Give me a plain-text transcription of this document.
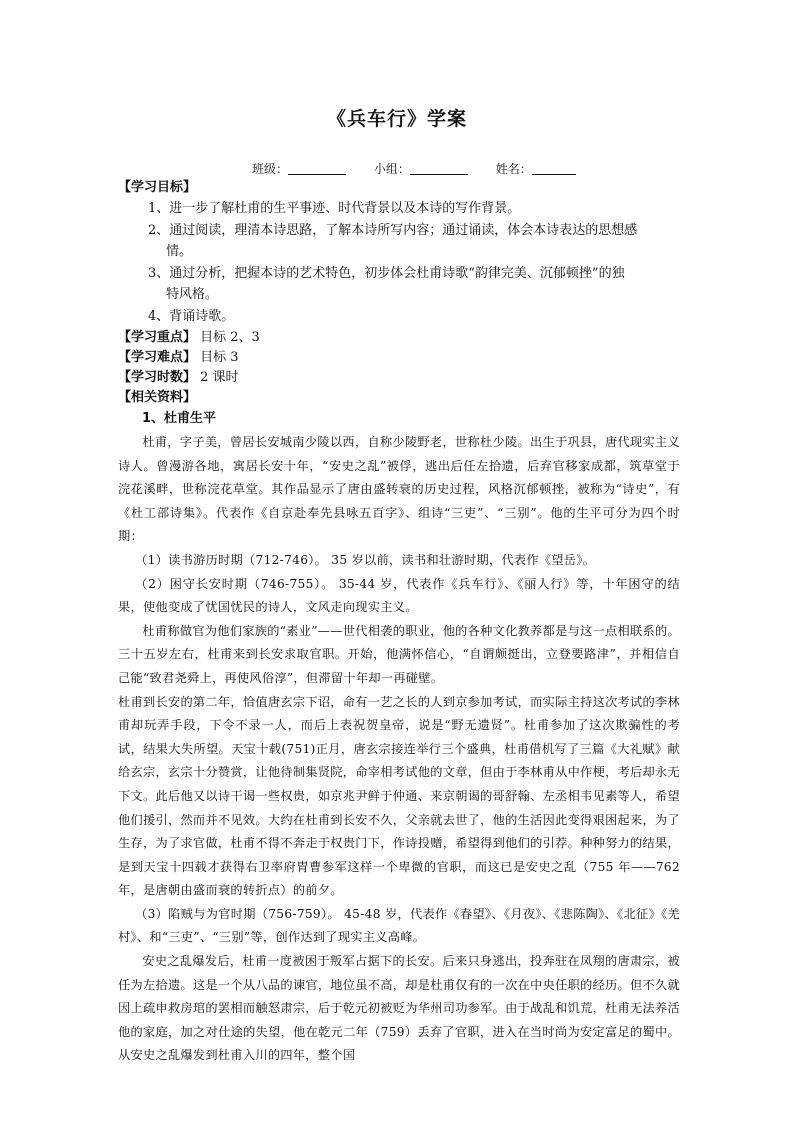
《兵车行》学案
班级：	小组：	姓名：

【学习目标】

1、进一步了解杜甫的生平事迹、时代背景以及本诗的写作背景。

2、通过阅读，理清本诗思路，了解本诗所写内容；通过诵读，体会本诗表达的思想感
情。

3、通过分析，把握本诗的艺术特色，初步体会杜甫诗歌“韵律完美、沉郁顿挫”的独
特风格。

4、背诵诗歌。

【学习重点】 目标 2、3

【学习难点】 目标 3

【学习时数】 2 课时

【相关资料】

1、杜甫生平

杜甫，字子美，曾居长安城南少陵以西，自称少陵野老，世称杜少陵。出生于巩县，唐代现实主义诗人。曾漫游各地，寓居长安十年，“安史之乱”被俘，逃出后任左拾遗，后弃官移家成都，筑草堂于浣花溪畔，世称浣花草堂。其作品显示了唐由盛转衰的历史过程，风格沉郁顿挫，被称为“诗史”，有《杜工部诗集》。代表作《自京赴奉先县咏五百字》、组诗“三吏”、“三别”。他的生平可分为四个时期：

（1）读书游历时期（712-746）。 35 岁以前，读书和壮游时期，代表作《望岳》。

（2）困守长安时期（746-755）。 35-44 岁，代表作《兵车行》、《丽人行》等，十年困守的结果，使他变成了忧国忧民的诗人，文风走向现实主义。

杜甫称做官为他们家族的“素业”——世代相袭的职业，他的各种文化教养都是与这一点相联系的。三十五岁左右，杜甫来到长安求取官职。开始，他满怀信心，“自谓颇挺出，立登要路津”，并相信自己能“致君尧舜上，再使风俗淳”，但滞留十年却一再碰壁。

杜甫到长安的第二年，恰值唐玄宗下诏，命有一艺之长的人到京参加考试，而实际主持这次考试的李林甫却玩弄手段，下令不录一人，而后上表祝贺皇帝，说是“野无遗贤”。杜甫参加了这次欺骗性的考试，结果大失所望。天宝十载(751)正月，唐玄宗接连举行三个盛典，杜甫借机写了三篇《大礼赋》献给玄宗，玄宗十分赞赏，让他待制集贤院，命宰相考试他的文章，但由于李林甫从中作梗，考后却永无下文。此后他又以诗干谒一些权贵，如京兆尹鲜于仲通、来京朝谒的哥舒翰、左丞相韦见素等人，希望他们援引，然而并不见效。大约在杜甫到长安不久，父亲就去世了，他的生活因此变得艰困起来，为了生存，为了求官做，杜甫不得不奔走于权贵门下，作诗投赠，希望得到他们的引荐。种种努力的结果，是到天宝十四载才获得右卫率府胄曹参军这样一个卑微的官职，而这已是安史之乱（755 年——762 年，是唐朝由盛而衰的转折点）的前夕。

（3）陷贼与为官时期（756-759）。 45-48 岁，代表作《春望》、《月夜》、《悲陈陶》、《北征》《羌村》、和“三吏”、“三别”等，创作达到了现实主义高峰。

安史之乱爆发后，杜甫一度被困于叛军占据下的长安。后来只身逃出，投奔驻在凤翔的唐肃宗，被任为左拾遗。这是一个从八品的谏官，地位虽不高，却是杜甫仅有的一次在中央任职的经历。但不久就因上疏申救房琯的罢相而触怒肃宗，后于乾元初被贬为华州司功参军。由于战乱和饥荒，杜甫无法养活他的家庭，加之对仕途的失望，他在乾元二年（759）丢弃了官职，进入在当时尚为安定富足的蜀中。从安史之乱爆发到杜甫入川的四年，整个国
